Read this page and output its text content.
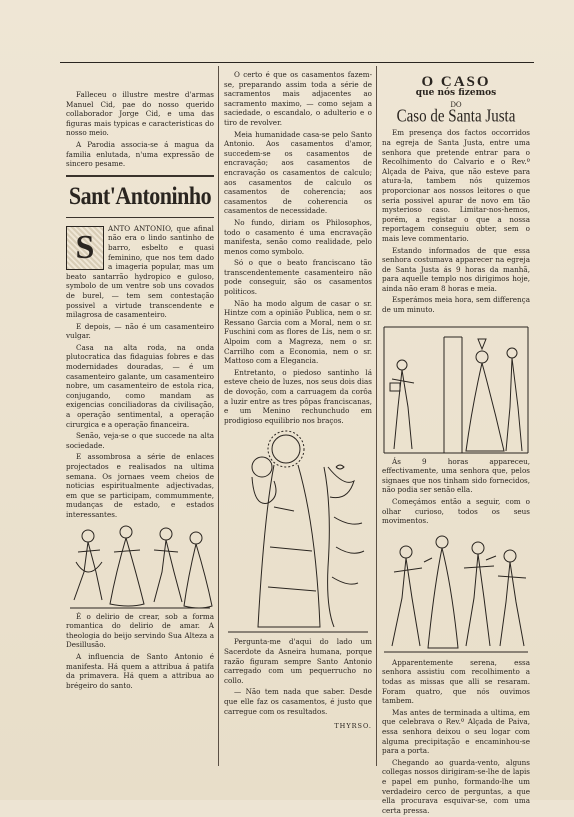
Falleceu o illustre mestre d'armas Manuel Cid, pae do nosso querido collaborador Jorge Cid, e uma das figuras mais typicas e caracteristicas do nosso meio.

A Parodia associa-se á magua da familia enlutada, n'uma expressão de sincero pesame.

Sant'Antoninho
S

ANTO ANTONIO, que afinal não era o lindo santinho de barro, esbelto e quasi feminino, que nos tem dado a imageria popular, mas um beato santarrão hydropico e guloso, symbolo de um ventre sob uns covados de burel, — tem sem contestação possivel a virtude transcendente e milagrosa de casamenteiro.

E depois, — não é um casamenteiro vulgar.

Casa na alta roda, na onda plutocratica das fidaguias fobres e das modernidades douradas, — é um casamenteiro galante, um casamenteiro nobre, um casamenteiro de estola rica, conjugando, como mandam as exigencias conciliadoras da civilisação, a operação sentimental, a operação cirurgica e a operação financeira.

Senão, veja-se o que succede na alta sociedade.

E assombrosa a série de enlaces projectados e realisados na ultima semana. Os jornaes veem cheios de noticias espiritualmente adjectivadas, em que se participam, commummente, mudanças de estado, e estados interessantes.

É o delirio de crear, sob a forma romantica do delirio de amar. A theologia do beijo servindo Sua Alteza a Desillusão.

A influencia de Santo Antonio é manifesta. Há quem a attribua á patifa da primavera. Há quem a attribua ao brégeiro do santo.

O certo é que os casamentos fazem-se, preparando assim toda a série de sacramentos mais adjacentes ao sacramento maximo, — como sejam a saciedade, o escandalo, o adulterio e o tiro de revolver.

Meia humanidade casa-se pelo Santo Antonio. Aos casamentos d'amor, succedem-se os casamentos de encravação; aos casamentos de encravação os casamentos de calculo; aos casamentos de calculo os casamentos de coherencia; aos casamentos de coherencia os casamentos de necessidade.

No fundo, diriam os Philosophos, todo o casamento é uma encravação manifesta, senão como realidade, pelo menos como symbolo.

Só o que o beato franciscano tão transcendentemente casamenteiro não pode conseguir, são os casamentos politicos.

Não ha modo algum de casar o sr. Hintze com a opinião Publica, nem o sr. Ressano Garcia com a Moral, nem o sr. Fuschini com as flores de Lis, nem o sr. Alpoim com a Magreza, nem o sr. Carrilho com a Economia, nem o sr. Mattoso com a Elegancia.

Entretanto, o piedoso santinho lá esteve cheio de luzes, nos seus dois dias de dovoção, com a carruagem da corôa a luzir entre as tres pôpas franciscanas, e um Menino rechunchudo em prodigioso equilibrio nos braços.

Pergunta-me d'aqui do lado um Sacerdote da Asneira humana, porque razão figuram sempre Santo Antonio carregado com um pequerrucho no collo.

— Não tem nada que saber. Desde que elle faz os casamentos, é justo que carregue com os resultados.

THYRSO.
O CASO
que nós fizemos
DO
Caso de Santa Justa

Em presença dos factos occorridos na egreja de Santa Justa, entre uma senhora que pretende entrar para o Recolhimento do Calvario e o Rev.º Alçada de Paiva, que não esteve para atura-la, tambem nós quizemos proporcionar aos nossos leitores o que seria possivel apurar de novo em tão mysterioso caso. Limitar-nos-hemos, porém, a registar o que a nossa reportagem conseguiu obter, sem o mais leve commentario.

Estando informados de que essa senhora costumava apparecer na egreja de Santa Justa ás 9 horas da manhã, para aquelle templo nos dirigimos hoje, ainda não eram 8 horas e meia.

Esperámos meia hora, sem differença de um minuto.

Ás 9 horas appareceu, effectivamente, uma senhora que, pelos signaes que nos tinham sido fornecidos, não podia ser senão ella.

Começámos então a seguir, com o olhar curioso, todos os seus movimentos.

Apparentemente serena, essa senhora assistiu com recolhimento a todas as missas que alli se resaram. Foram quatro, que nós ouvimos tambem.

Mas antes de terminada a ultima, em que celebrava o Rev.º Alçada de Paiva, essa senhora deixou o seu logar com alguma precipitação e encaminhou-se para a porta.

Chegando ao guarda-vento, alguns collegas nossos dirigiram-se-lhe de lapis e papel em punho, formando-lhe um verdadeiro cerco de perguntas, a que ella procurava esquivar-se, com uma certa pressa.
